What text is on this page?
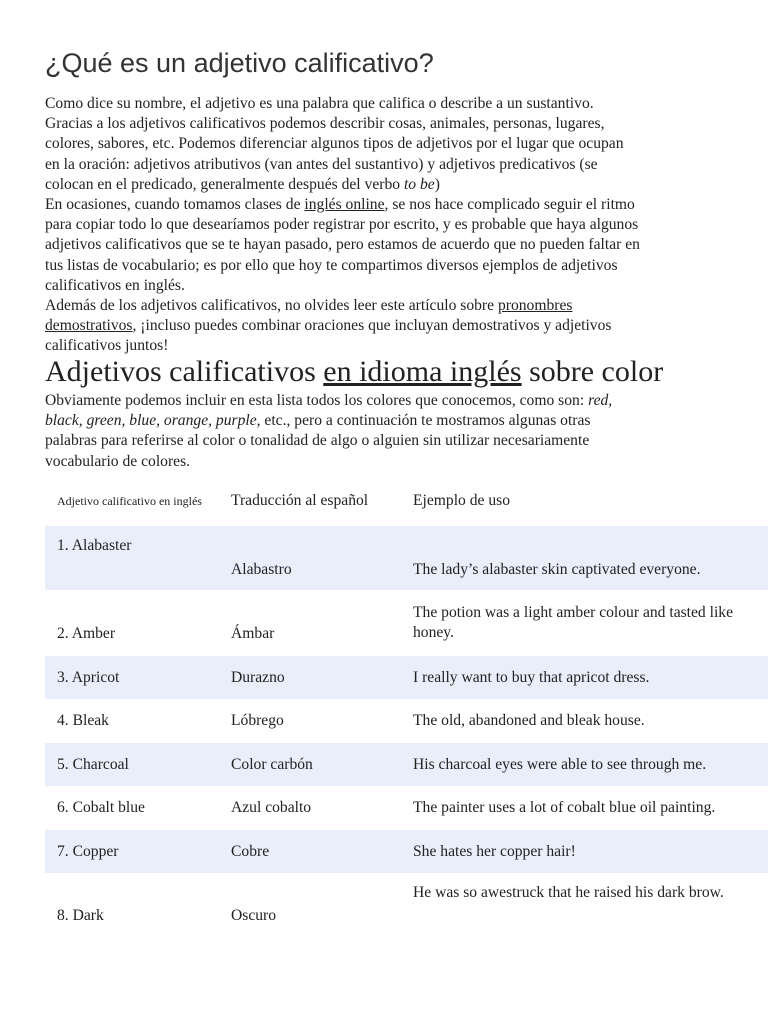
¿Qué es un adjetivo calificativo?
Como dice su nombre, el adjetivo es una palabra que califica o describe a un sustantivo.
Gracias a los adjetivos calificativos podemos describir cosas, animales, personas, lugares,
colores, sabores, etc. Podemos diferenciar algunos tipos de adjetivos por el lugar que ocupan
en la oración: adjetivos atributivos (van antes del sustantivo) y adjetivos predicativos (se
colocan en el predicado, generalmente después del verbo to be)
En ocasiones, cuando tomamos clases de inglés online, se nos hace complicado seguir el ritmo
para copiar todo lo que desearíamos poder registrar por escrito, y es probable que haya algunos
adjetivos calificativos que se te hayan pasado, pero estamos de acuerdo que no pueden faltar en
tus listas de vocabulario; es por ello que hoy te compartimos diversos ejemplos de adjetivos
calificativos en inglés.
Además de los adjetivos calificativos, no olvides leer este artículo sobre pronombres
demostrativos, ¡incluso puedes combinar oraciones que incluyan demostrativos y adjetivos
calificativos juntos!
Adjetivos calificativos en idioma inglés sobre color
Obviamente podemos incluir en esta lista todos los colores que conocemos, como son: red,
black, green, blue, orange, purple, etc., pero a continuación te mostramos algunas otras
palabras para referirse al color o tonalidad de algo o alguien sin utilizar necesariamente
vocabulario de colores.
Adjetivo calificativo en inglés	Traducción al español	Ejemplo de uso
1. Alabaster	Alabastro	The lady’s alabaster skin captivated everyone.

2. Amber	Ámbar	The potion was a light amber colour and tasted like honey.

3. Apricot	Durazno	I really want to buy that apricot dress.
4. Bleak	Lóbrego	The old, abandoned and bleak house.
5. Charcoal	Color carbón	His charcoal eyes were able to see through me.
6. Cobalt blue	Azul cobalto	The painter uses a lot of cobalt blue oil painting.
7. Copper	Cobre	She hates her copper hair!
8. Dark	Oscuro	He was so awestruck that he raised his dark brow.
